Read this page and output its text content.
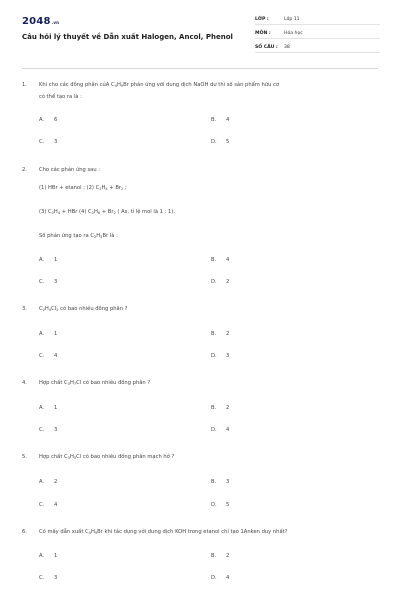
2048.vn
Câu hỏi lý thuyết về Dẫn xuất Halogen, Ancol, Phenol
LỚP :	Lớp 11
MÔN :	Hóa học
SỐ CÂU : 38
1. Khi cho các đồng phân củA $C_4H_9Br$ phản ứng với dung dịch NaOH dư thì số sản phẩm hữu cơ
có thể tạo ra là :
A. 6	B. 4
C. 3	D. 5
2. Cho các phản ứng sau :
(1) HBr + etanol ; (2) $C_2H_4 + Br_2$ ;
(3) $C_2H_4$ + HBr (4) $C_2H_6 + Br_2$ ( As, tỉ lệ mol là 1 : 1).
Số phản ứng tạo ra $C_2H_5Br$ là :
A. 1	B. 4
C. 3	D. 2
3. $C_2H_4Cl_2$ có bao nhiêu đồng phân ?
A. 1	B. 2
C. 4	D. 3
4. Hợp chất $C_3H_7Cl$ có bao nhiêu đồng phân ?
A. 1	B. 2
C. 3	D. 4
5. Hợp chất $C_3H_5Cl$ có bao nhiêu đồng phân mạch hở ?
A. 2	B. 3
C. 4	D. 5
6. Có mấy dẫn xuất $C_4H_9Br$ khi tác dụng với dung dịch KOH trong etanol chỉ tạo 1Anken duy nhất?
A. 1	B. 2
C. 3	D. 4
